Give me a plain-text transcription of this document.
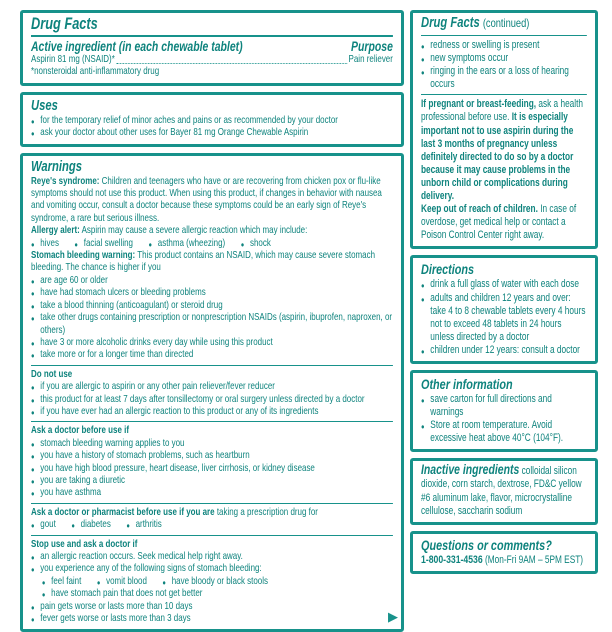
Drug Facts
Active ingredient (in each chewable tablet)	Purpose
Aspirin 81 mg (NSAID)*	Pain reliever
*nonsteroidal anti-inflammatory drug
Uses
● for the temporary relief of minor aches and pains or as recommended by your doctor
● ask your doctor about other uses for Bayer 81 mg Orange Chewable Aspirin
Warnings

Reye's syndrome: Children and teenagers who have or are recovering from chicken pox or flu-like symptoms should not use this product. When using this product, if changes in behavior with nausea and vomiting occur, consult a doctor because these symptoms could be an early sign of Reye's syndrome, a rare but serious illness.

Allergy alert: Aspirin may cause a severe allergic reaction which may include:

● hives ● facial swelling ● asthma (wheezing) ● shock

Stomach bleeding warning: This product contains an NSAID, which may cause severe stomach bleeding. The chance is higher if you

● are age 60 or older
● have had stomach ulcers or bleeding problems
● take a blood thinning (anticoagulant) or steroid drug
● take other drugs containing prescription or nonprescription NSAIDs (aspirin, ibuprofen, naproxen, or others)
● have 3 or more alcoholic drinks every day while using this product
● take more or for a longer time than directed
Do not use
● if you are allergic to aspirin or any other pain reliever/fever reducer
● this product for at least 7 days after tonsillectomy or oral surgery unless directed by a doctor
● if you have ever had an allergic reaction to this product or any of its ingredients
Ask a doctor before use if
● stomach bleeding warning applies to you
● you have a history of stomach problems, such as heartburn
● you have high blood pressure, heart disease, liver cirrhosis, or kidney disease
● you are taking a diuretic
● you have asthma

Ask a doctor or pharmacist before use if you are taking a prescription drug for

● gout ● diabetes ● arthritis
Stop use and ask a doctor if
● an allergic reaction occurs. Seek medical help right away.
● you experience any of the following signs of stomach bleeding:
● feel faint ● vomit blood ● have bloody or black stools
● have stomach pain that does not get better
● pain gets worse or lasts more than 10 days
● fever gets worse or lasts more than 3 days	▶
Drug Facts (continued)
● redness or swelling is present
● new symptoms occur
● ringing in the ears or a loss of hearing occurs

If pregnant or breast-feeding, ask a health professional before use. It is especially important not to use aspirin during the last 3 months of pregnancy unless definitely directed to do so by a doctor because it may cause problems in the unborn child or complications during delivery.

Keep out of reach of children. In case of overdose, get medical help or contact a Poison Control Center right away.

Directions
● drink a full glass of water with each dose
● adults and children 12 years and over: take 4 to 8 chewable tablets every 4 hours not to exceed 48 tablets in 24 hours unless directed by a doctor
● children under 12 years: consult a doctor
Other information
● save carton for full directions and warnings
● Store at room temperature. Avoid excessive heat above 40°C (104°F).

Inactive ingredients colloidal silicon dioxide, corn starch, dextrose, FD&C yellow #6 aluminum lake, flavor, microcrystalline cellulose, saccharin sodium

Questions or comments?

1-800-331-4536 (Mon-Fri 9AM – 5PM EST)
